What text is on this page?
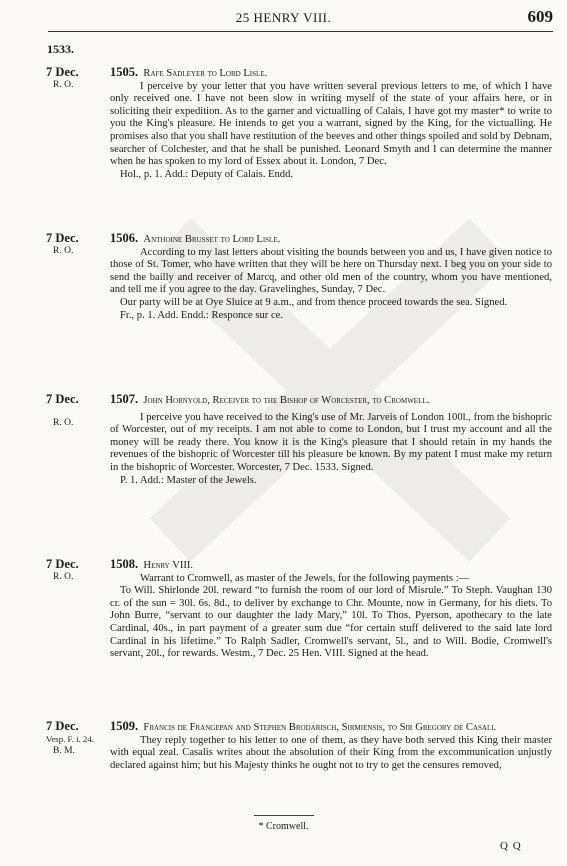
25 HENRY VIII.	609
1533.
7 Dec.
R. O.

1505. Rafe Sadleyer to Lord Lisle.

I perceive by your letter that you have written several previous letters to me, of which I have only received one. I have not been slow in writing myself of the state of your affairs here, or in soliciting their expedition. As to the garner and victualling of Calais, I have got my master* to write to you the King's pleasure. He intends to get you a warrant, signed by the King, for the victualling. He promises also that you shall have restitution of the beeves and other things spoiled and sold by Debnam, searcher of Colchester, and that he shall be punished. Leonard Smyth and I can determine the manner when he has spoken to my lord of Essex about it. London, 7 Dec.

Hol., p. 1. Add.: Deputy of Calais. Endd.

7 Dec.
R. O.

1506. Anthoine Brusset to Lord Lisle.

According to my last letters about visiting the bounds between you and us, I have given notice to those of St. Tomer, who have written that they will be here on Thursday next. I beg you on your side to send the bailly and receiver of Marcq, and other old men of the country, whom you have mentioned, and tell me if you agree to the day. Gravelinghes, Sunday, 7 Dec.

Our party will be at Oye Sluice at 9 a.m., and from thence proceed towards the sea. Signed.

Fr., p. 1. Add. Endd.: Responce sur ce.

7 Dec.
R. O.

1507. John Hornyold, Receiver to the Bishop of Worcester, to Cromwell.

I perceive you have received to the King's use of Mr. Jarveis of London 100l., from the bishopric of Worcester, out of my receipts. I am not able to come to London, but I trust my account and all the money will be ready there. You know it is the King's pleasure that I should retain in my hands the revenues of the bishopric of Worcester till his pleasure be known. By my patent I must make my return in the bishopric of Worcester. Worcester, 7 Dec. 1533. Signed.

P. 1. Add.: Master of the Jewels.

7 Dec.
R. O.

1508. Henry VIII.

Warrant to Cromwell, as master of the Jewels, for the following payments :—

To Will. Shirlonde 20l. reward “to furnish the room of our lord of Misrule.” To Steph. Vaughan 130 cr. of the sun = 30l. 6s. 8d., to deliver by exchange to Chr. Mounte, now in Germany, for his diets. To John Burre, “servant to our daughter the lady Mary,” 10l. To Thos. Pyerson, apothecary to the late Cardinal, 40s., in part payment of a greater sum due “for certain stuff delivered to the said late lord Cardinal in his lifetime.” To Ralph Sadler, Cromwell's servant, 5l., and to Will. Bodie, Cromwell's servant, 20l., for rewards. Westm., 7 Dec. 25 Hen. VIII. Signed at the head.

7 Dec.
Vesp. F. i. 24.
B. M.

1509. Francis de Frangepan and Stephen Brodarisch, Sirmiensis, to Sir Gregory de Casali.

They reply together to his letter to one of them, as they have both served this King their master with equal zeal. Casalis writes about the absolution of their King from the excommunication unjustly declared against him; but his Majesty thinks he ought not to try to get the censures removed,

* Cromwell.
Q Q
